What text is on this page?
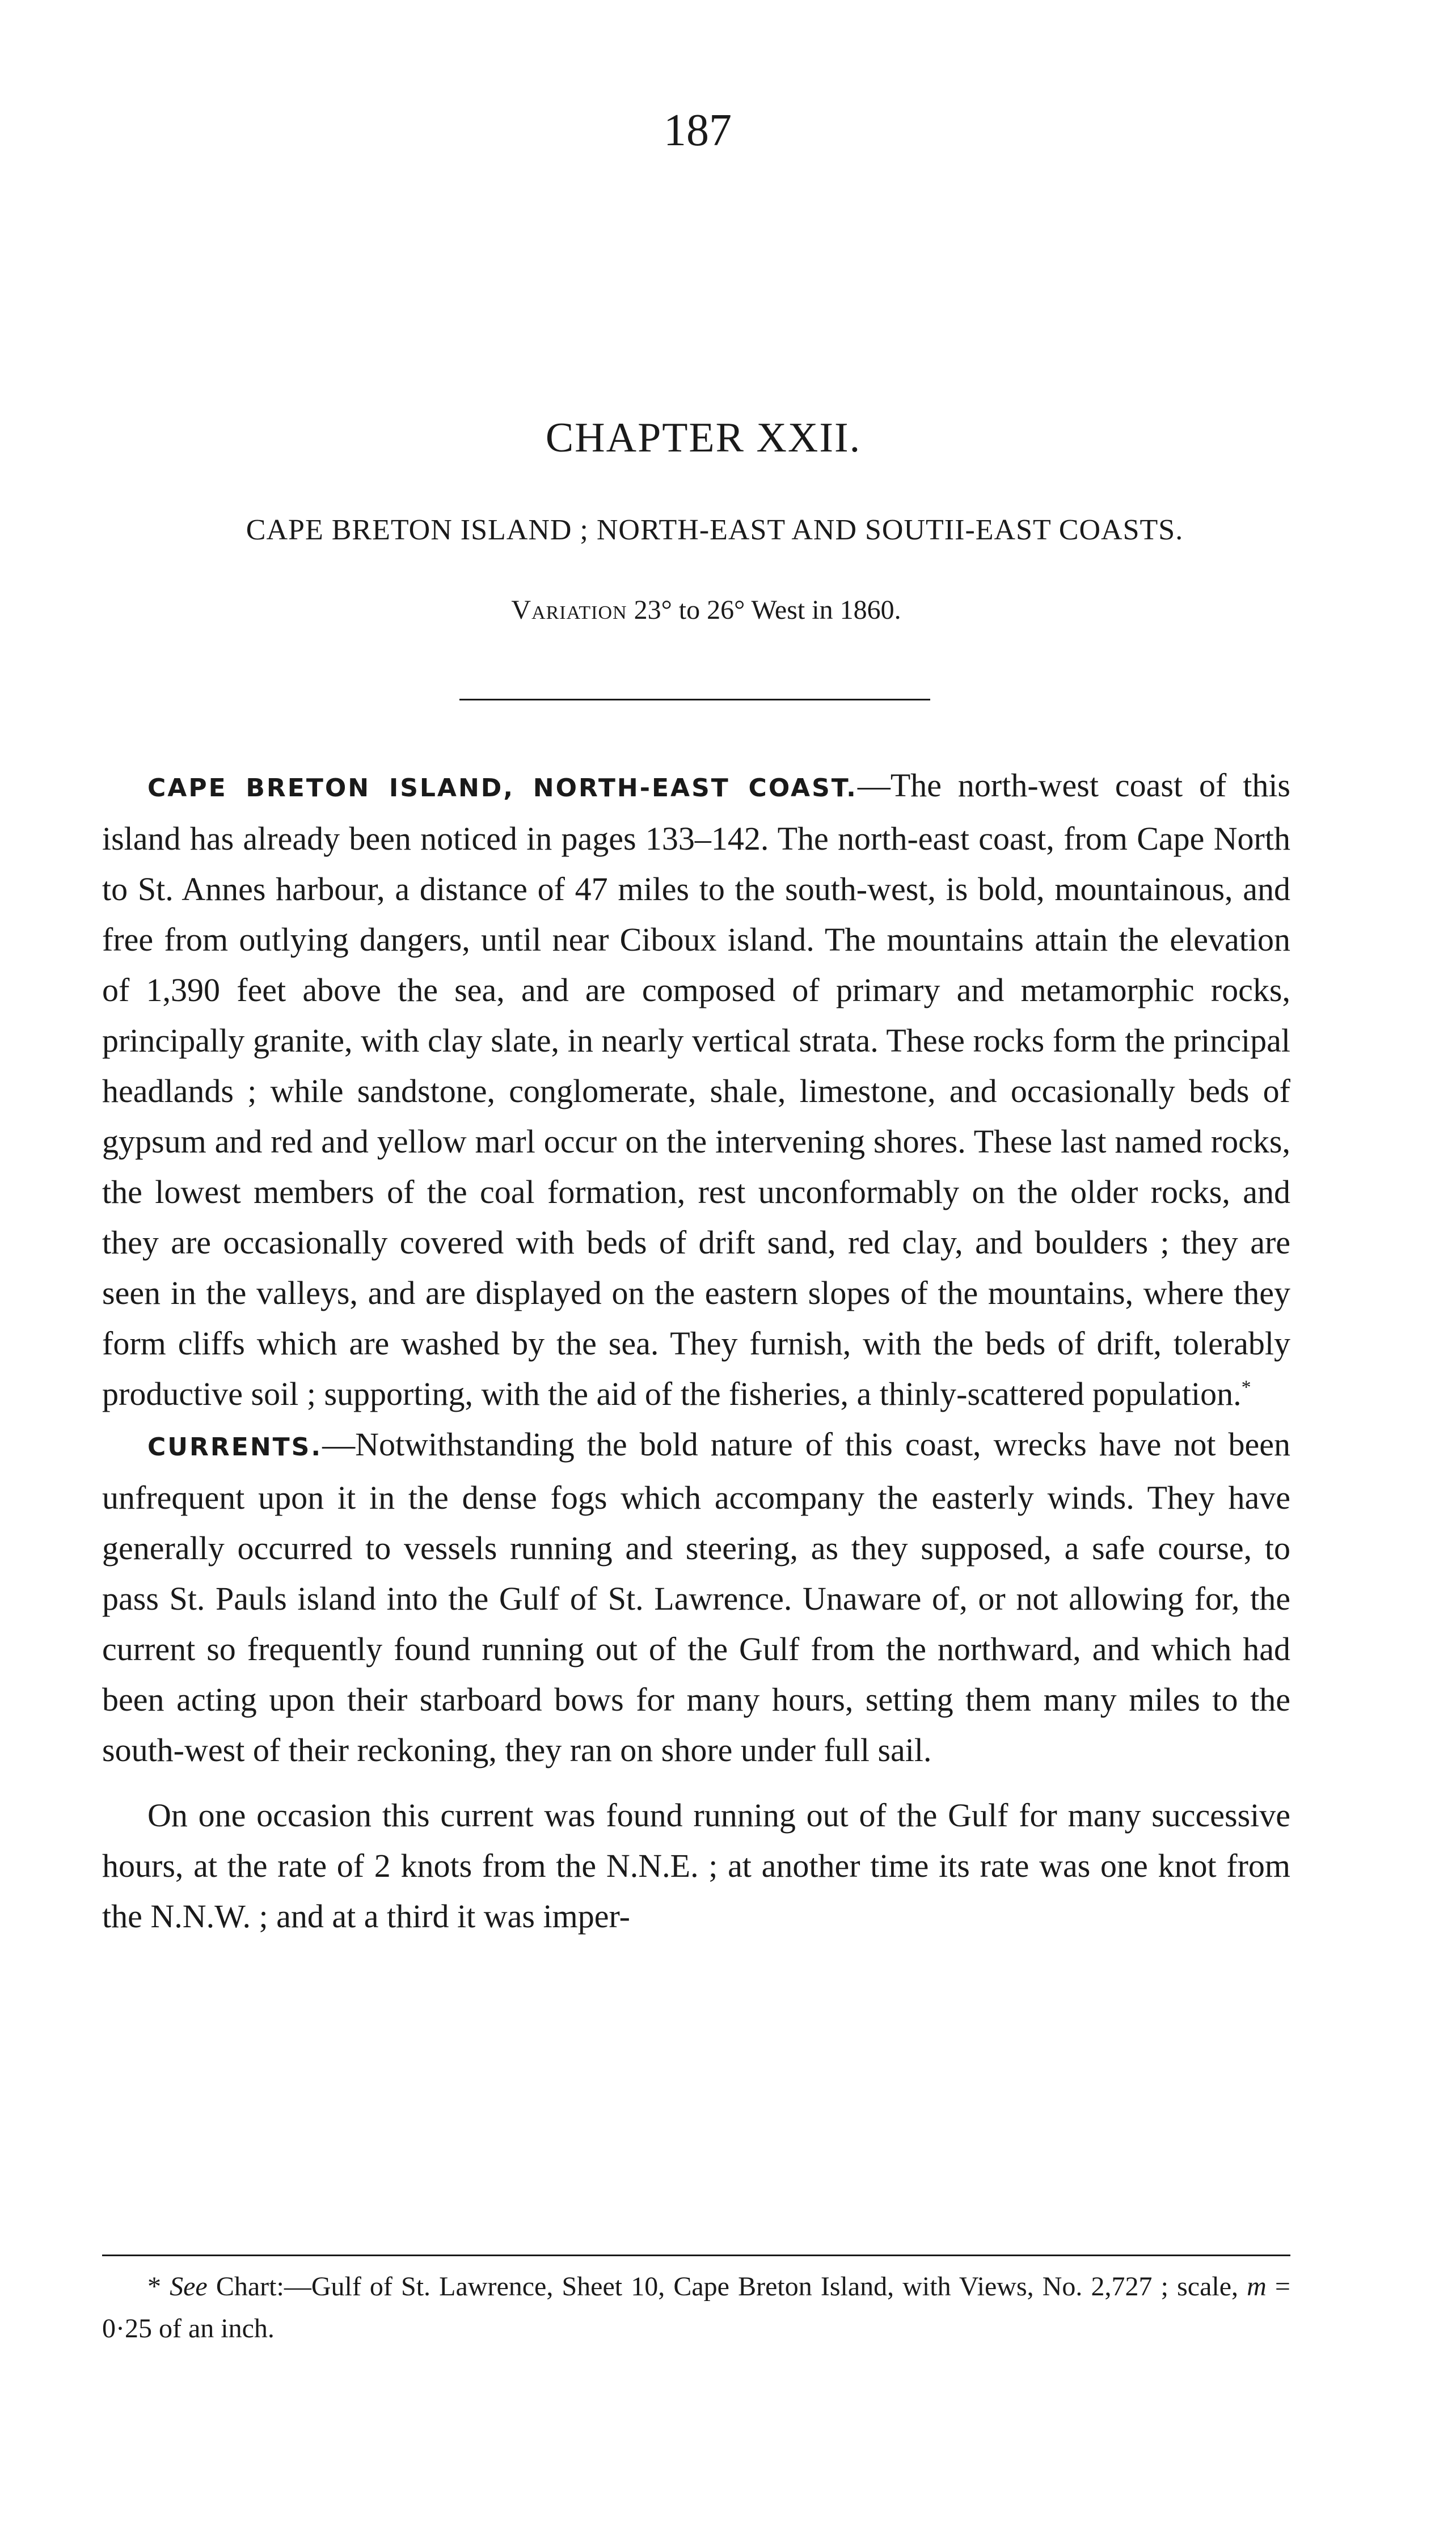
187
CHAPTER XXII.
CAPE BRETON ISLAND ; NORTH-EAST AND SOUTII-EAST COASTS.
Variation 23° to 26° West in 1860.

CAPE BRETON ISLAND, NORTH-EAST COAST.—The north-west coast of this island has already been noticed in pages 133–142. The north-east coast, from Cape North to St. Annes harbour, a distance of 47 miles to the south-west, is bold, mountainous, and free from outlying dangers, until near Ciboux island. The mountains attain the elevation of 1,390 feet above the sea, and are composed of primary and metamorphic rocks, principally granite, with clay slate, in nearly vertical strata. These rocks form the principal headlands ; while sandstone, conglomerate, shale, limestone, and occasionally beds of gypsum and red and yellow marl occur on the intervening shores. These last named rocks, the lowest members of the coal formation, rest unconformably on the older rocks, and they are occasionally covered with beds of drift sand, red clay, and boulders ; they are seen in the valleys, and are displayed on the eastern slopes of the mountains, where they form cliffs which are washed by the sea. They furnish, with the beds of drift, tolerably productive soil ; supporting, with the aid of the fisheries, a thinly-scattered population.*

CURRENTS.—Notwithstanding the bold nature of this coast, wrecks have not been unfrequent upon it in the dense fogs which accompany the easterly winds. They have generally occurred to vessels running and steering, as they supposed, a safe course, to pass St. Pauls island into the Gulf of St. Lawrence. Unaware of, or not allowing for, the current so frequently found running out of the Gulf from the northward, and which had been acting upon their starboard bows for many hours, setting them many miles to the south-west of their reckoning, they ran on shore under full sail.

On one occasion this current was found running out of the Gulf for many successive hours, at the rate of 2 knots from the N.N.E. ; at another time its rate was one knot from the N.N.W. ; and at a third it was imper-

* See Chart:—Gulf of St. Lawrence, Sheet 10, Cape Breton Island, with Views, No. 2,727 ; scale, m = 0·25 of an inch.
